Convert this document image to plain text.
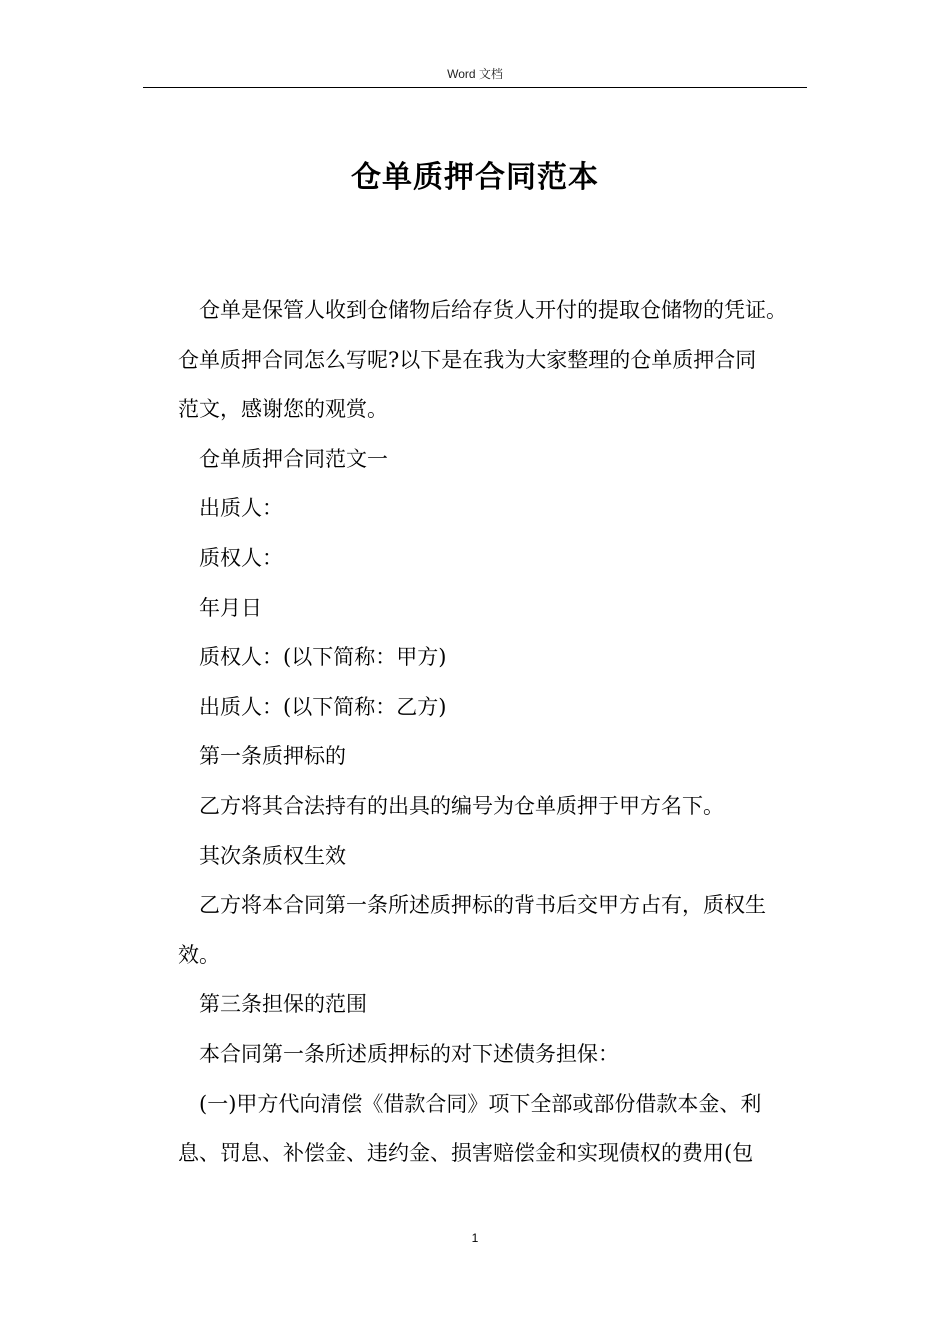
Word 文档
仓单质押合同范本

仓单是保管人收到仓储物后给存货人开付的提取仓储物的凭证。

仓单质押合同怎么写呢?以下是在我为大家整理的仓单质押合同

范文，感谢您的观赏。

仓单质押合同范文一

出质人：

质权人：

年月日

质权人：(以下简称：甲方)

出质人：(以下简称：乙方)

第一条质押标的

乙方将其合法持有的出具的编号为仓单质押于甲方名下。

其次条质权生效

乙方将本合同第一条所述质押标的背书后交甲方占有，质权生

效。

第三条担保的范围

本合同第一条所述质押标的对下述债务担保：

(一)甲方代向清偿《借款合同》项下全部或部份借款本金、利

息、罚息、补偿金、违约金、损害赔偿金和实现债权的费用(包

1
